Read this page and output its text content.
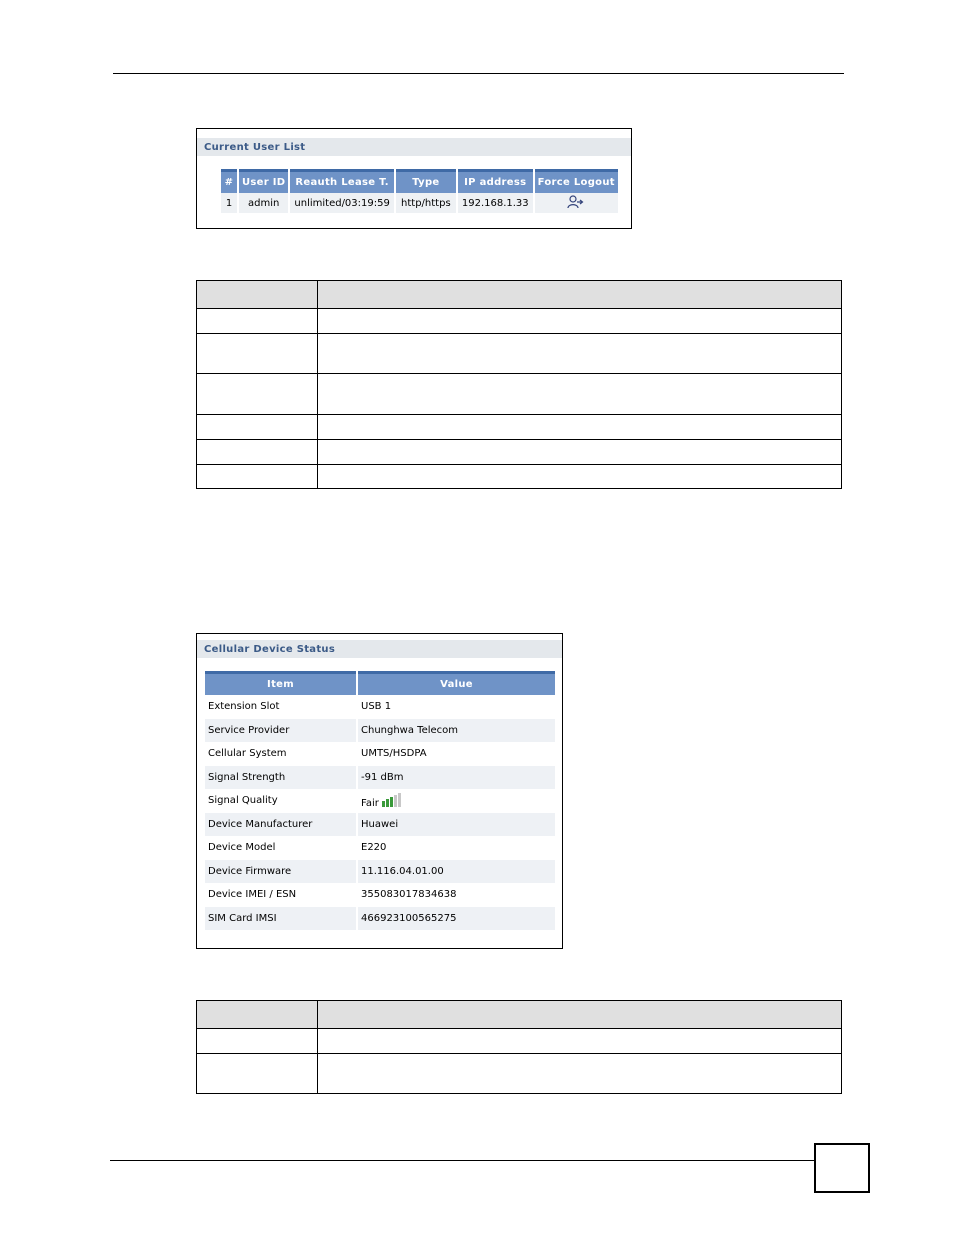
Current User List
#	User ID	Reauth Lease T.	Type	IP address	Force Logout
1	admin	unlimited/03:19:59	http/https	192.168.1.33	

Cellular Device Status
Item	Value
Extension Slot	USB 1
Service Provider	Chunghwa Telecom
Cellular System	UMTS/HSDPA
Signal Strength	-91 dBm
Signal Quality	Fair

Device Manufacturer	Huawei
Device Model	E220
Device Firmware	11.116.04.01.00
Device IMEI / ESN	355083017834638
SIM Card IMSI	466923100565275
